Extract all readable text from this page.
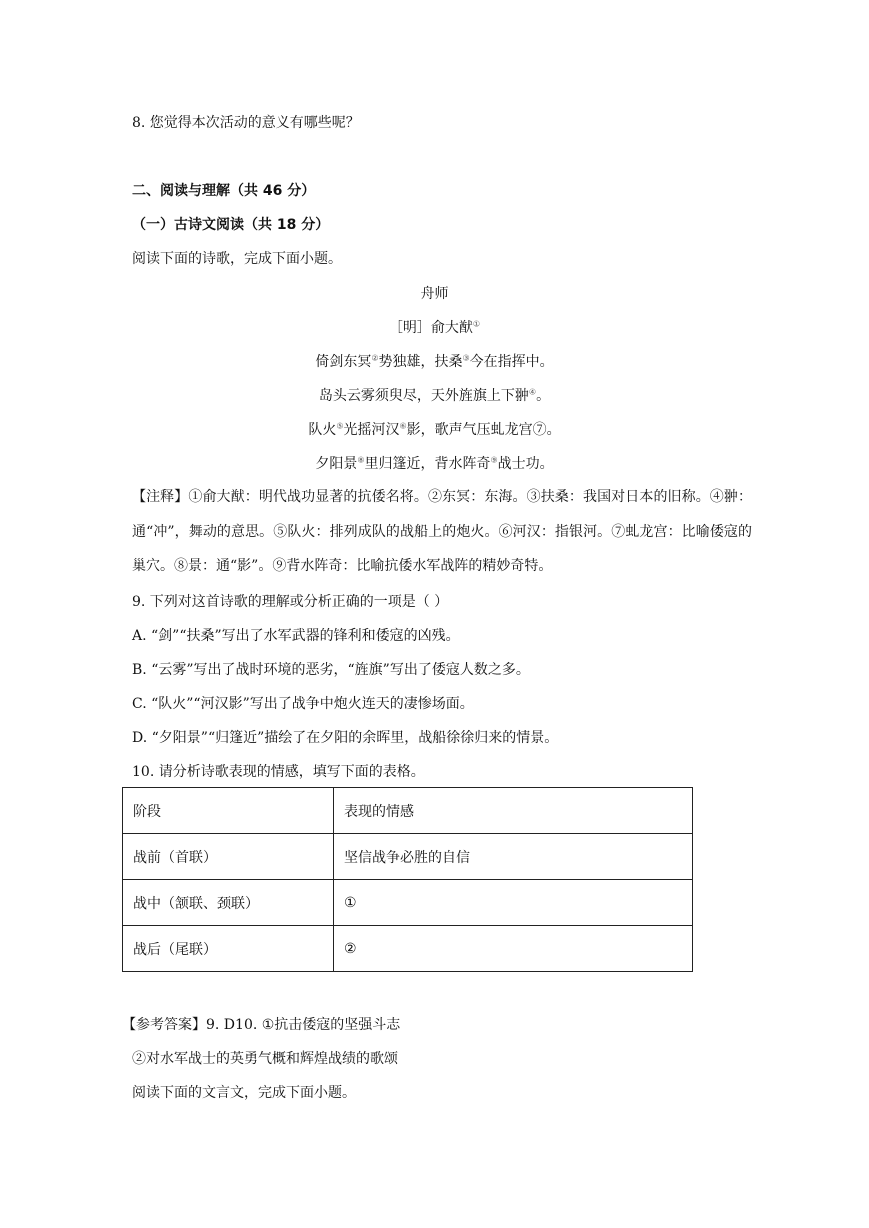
8. 您觉得本次活动的意义有哪些呢？
二、阅读与理解（共 46 分）
（一）古诗文阅读（共 18 分）
阅读下面的诗歌，完成下面小题。
舟师
［明］俞大猷①
倚剑东冥②势独雄，扶桑③今在指挥中。
岛头云雾须臾尽，天外旌旗上下翀④。
队火⑤光摇河汉⑥影，歌声气压虬龙宫⑦。
夕阳景⑧里归篷近，背水阵奇⑨战士功。
【注释】①俞大猷：明代战功显著的抗倭名将。②东冥：东海。③扶桑：我国对日本的旧称。④翀：通“冲”，舞动的意思。⑤队火：排列成队的战船上的炮火。⑥河汉：指银河。⑦虬龙宫：比喻倭寇的巢穴。⑧景：通“影”。⑨背水阵奇：比喻抗倭水军战阵的精妙奇特。
9. 下列对这首诗歌的理解或分析正确的一项是（ ）
A. “剑”“扶桑”写出了水军武器的锋利和倭寇的凶残。
B. “云雾”写出了战时环境的恶劣，“旌旗”写出了倭寇人数之多。
C. “队火”“河汉影”写出了战争中炮火连天的凄惨场面。
D. “夕阳景”“归篷近”描绘了在夕阳的余晖里，战船徐徐归来的情景。
10. 请分析诗歌表现的情感，填写下面的表格。
阶段	表现的情感
战前（首联）	坚信战争必胜的自信
战中（颔联、颈联）	①
战后（尾联）	②
【参考答案】9. D10. ①抗击倭寇的坚强斗志
②对水军战士的英勇气概和辉煌战绩的歌颂
阅读下面的文言文，完成下面小题。
